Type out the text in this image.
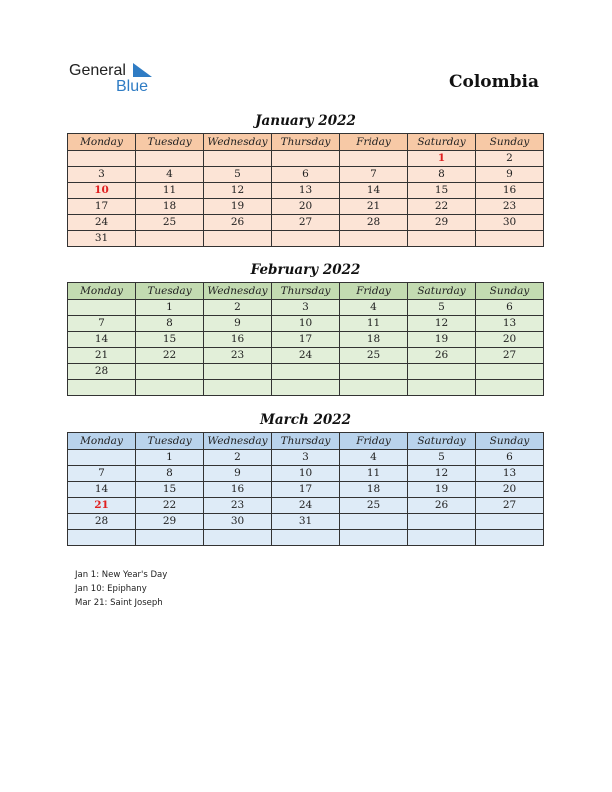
General
Blue	Colombia
January 2022
Monday	Tuesday	Wednesday	Thursday	Friday	Saturday	Sunday
					1	2
3	4	5	6	7	8	9
10	11	12	13	14	15	16
17	18	19	20	21	22	23
24	25	26	27	28	29	30
31						
February 2022
Monday	Tuesday	Wednesday	Thursday	Friday	Saturday	Sunday
	1	2	3	4	5	6
7	8	9	10	11	12	13
14	15	16	17	18	19	20
21	22	23	24	25	26	27
28						

March 2022
Monday	Tuesday	Wednesday	Thursday	Friday	Saturday	Sunday
	1	2	3	4	5	6
7	8	9	10	11	12	13
14	15	16	17	18	19	20
21	22	23	24	25	26	27
28	29	30	31			

Jan 1: New Year's Day
Jan 10: Epiphany
Mar 21: Saint Joseph
